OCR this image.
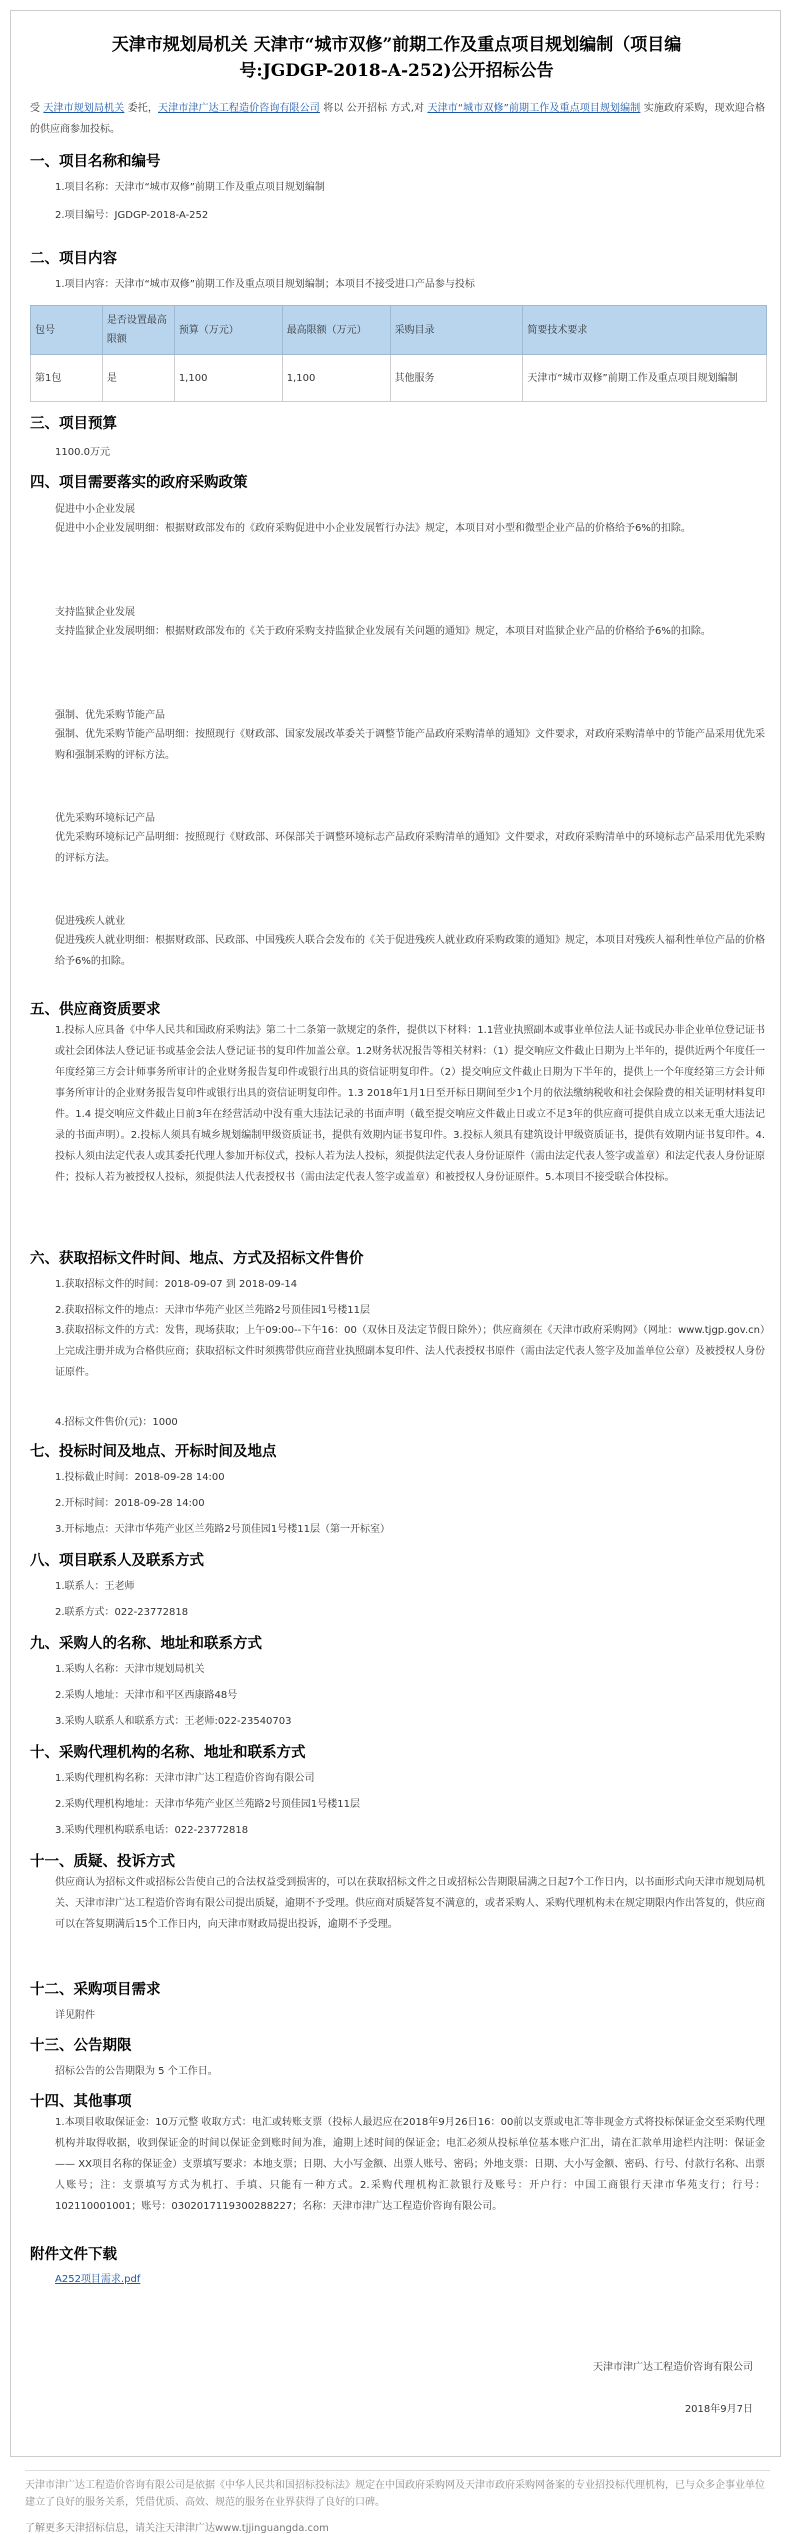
天津市规划局机关 天津市“城市双修”前期工作及重点项目规划编制（项目编
号:JGDGP-2018-A-252)公开招标公告
受 天津市规划局机关 委托，天津市津广达工程造价咨询有限公司 将以 公开招标 方式,对 天津市“城市双修”前期工作及重点项目规划编制 实施政府采购，现欢迎合格的供应商参加投标。
一、项目名称和编号
1.项目名称：天津市“城市双修”前期工作及重点项目规划编制
2.项目编号：JGDGP-2018-A-252
二、项目内容
1.项目内容：天津市“城市双修”前期工作及重点项目规划编制；本项目不接受进口产品参与投标
包号	是否设置最高限额	预算（万元）	最高限额（万元）	采购目录	简要技术要求
第1包	是	1,100	1,100	其他服务	天津市“城市双修”前期工作及重点项目规划编制
三、项目预算
1100.0万元
四、项目需要落实的政府采购政策
促进中小企业发展
促进中小企业发展明细：根据财政部发布的《政府采购促进中小企业发展暂行办法》规定，本项目对小型和微型企业产品的价格给予6%的扣除。
支持监狱企业发展
支持监狱企业发展明细：根据财政部发布的《关于政府采购支持监狱企业发展有关问题的通知》规定，本项目对监狱企业产品的价格给予6%的扣除。
强制、优先采购节能产品
强制、优先采购节能产品明细：按照现行《财政部、国家发展改革委关于调整节能产品政府采购清单的通知》文件要求，对政府采购清单中的节能产品采用优先采购和强制采购的评标方法。
优先采购环境标记产品
优先采购环境标记产品明细：按照现行《财政部、环保部关于调整环境标志产品政府采购清单的通知》文件要求，对政府采购清单中的环境标志产品采用优先采购的评标方法。
促进残疾人就业
促进残疾人就业明细：根据财政部、民政部、中国残疾人联合会发布的《关于促进残疾人就业政府采购政策的通知》规定，本项目对残疾人福利性单位产品的价格给予6%的扣除。
五、供应商资质要求
1.投标人应具备《中华人民共和国政府采购法》第二十二条第一款规定的条件，提供以下材料：1.1营业执照副本或事业单位法人证书或民办非企业单位登记证书或社会团体法人登记证书或基金会法人登记证书的复印件加盖公章。1.2财务状况报告等相关材料：（1）提交响应文件截止日期为上半年的，提供近两个年度任一年度经第三方会计师事务所审计的企业财务报告复印件或银行出具的资信证明复印件。（2）提交响应文件截止日期为下半年的，提供上一个年度经第三方会计师事务所审计的企业财务报告复印件或银行出具的资信证明复印件。1.3 2018年1月1日至开标日期间至少1个月的依法缴纳税收和社会保险费的相关证明材料复印件。1.4 提交响应文件截止日前3年在经营活动中没有重大违法记录的书面声明（截至提交响应文件截止日或立不足3年的供应商可提供自成立以来无重大违法记录的书面声明）。2.投标人须具有城乡规划编制甲级资质证书，提供有效期内证书复印件。3.投标人须具有建筑设计甲级资质证书，提供有效期内证书复印件。4.投标人须由法定代表人或其委托代理人参加开标仪式，投标人若为法人投标，须提供法定代表人身份证原件（需由法定代表人签字或盖章）和法定代表人身份证原件；投标人若为被授权人投标，须提供法人代表授权书（需由法定代表人签字或盖章）和被授权人身份证原件。5.本项目不接受联合体投标。
六、获取招标文件时间、地点、方式及招标文件售价
1.获取招标文件的时间：2018-09-07 到 2018-09-14
2.获取招标文件的地点：天津市华苑产业区兰苑路2号顶佳园1号楼11层
3.获取招标文件的方式：发售，现场获取；上午09:00--下午16：00（双休日及法定节假日除外）；供应商须在《天津市政府采购网》（网址：www.tjgp.gov.cn）上完成注册并成为合格供应商；获取招标文件时须携带供应商营业执照副本复印件、法人代表授权书原件（需由法定代表人签字及加盖单位公章）及被授权人身份证原件。
4.招标文件售价(元)：1000
七、投标时间及地点、开标时间及地点
1.投标截止时间：2018-09-28 14:00
2.开标时间：2018-09-28 14:00
3.开标地点：天津市华苑产业区兰苑路2号顶佳园1号楼11层（第一开标室）
八、项目联系人及联系方式
1.联系人：王老师
2.联系方式：022-23772818
九、采购人的名称、地址和联系方式
1.采购人名称：天津市规划局机关
2.采购人地址：天津市和平区西康路48号
3.采购人联系人和联系方式：王老师:022-23540703
十、采购代理机构的名称、地址和联系方式
1.采购代理机构名称：天津市津广达工程造价咨询有限公司
2.采购代理机构地址：天津市华苑产业区兰苑路2号顶佳园1号楼11层
3.采购代理机构联系电话：022-23772818
十一、质疑、投诉方式
供应商认为招标文件或招标公告使自己的合法权益受到损害的，可以在获取招标文件之日或招标公告期限届满之日起7个工作日内，以书面形式向天津市规划局机关、天津市津广达工程造价咨询有限公司提出质疑，逾期不予受理。供应商对质疑答复不满意的，或者采购人、采购代理机构未在规定期限内作出答复的，供应商可以在答复期满后15个工作日内，向天津市财政局提出投诉，逾期不予受理。
十二、采购项目需求
详见附件
十三、公告期限
招标公告的公告期限为 5 个工作日。
十四、其他事项
1.本项目收取保证金：10万元整 收取方式：电汇或转账支票（投标人最迟应在2018年9月26日16：00前以支票或电汇等非现金方式将投标保证金交至采购代理机构并取得收据，收到保证金的时间以保证金到账时间为准，逾期上述时间的保证金；电汇必须从投标单位基本账户汇出，请在汇款单用途栏内注明：保证金 —— XX项目名称的保证金）支票填写要求：本地支票；日期、大小写金额、出票人账号、密码；外地支票：日期、大小写金额、密码、行号、付款行名称、出票人账号；注：支票填写方式为机打、手填、只能有一种方式。2.采购代理机构汇款银行及账号：开户行：中国工商银行天津市华苑支行；行号：102110001001；账号：0302017119300288227；名称：天津市津广达工程造价咨询有限公司。
附件文件下载
A252项目需求.pdf
天津市津广达工程造价咨询有限公司
2018年9月7日
天津市津广达工程造价咨询有限公司是依据《中华人民共和国招标投标法》规定在中国政府采购网及天津市政府采购网备案的专业招投标代理机构，已与众多企事业单位建立了良好的服务关系，凭借优质、高效、规范的服务在业界获得了良好的口碑。
了解更多天津招标信息，请关注天津津广达www.tjjinguangda.com
